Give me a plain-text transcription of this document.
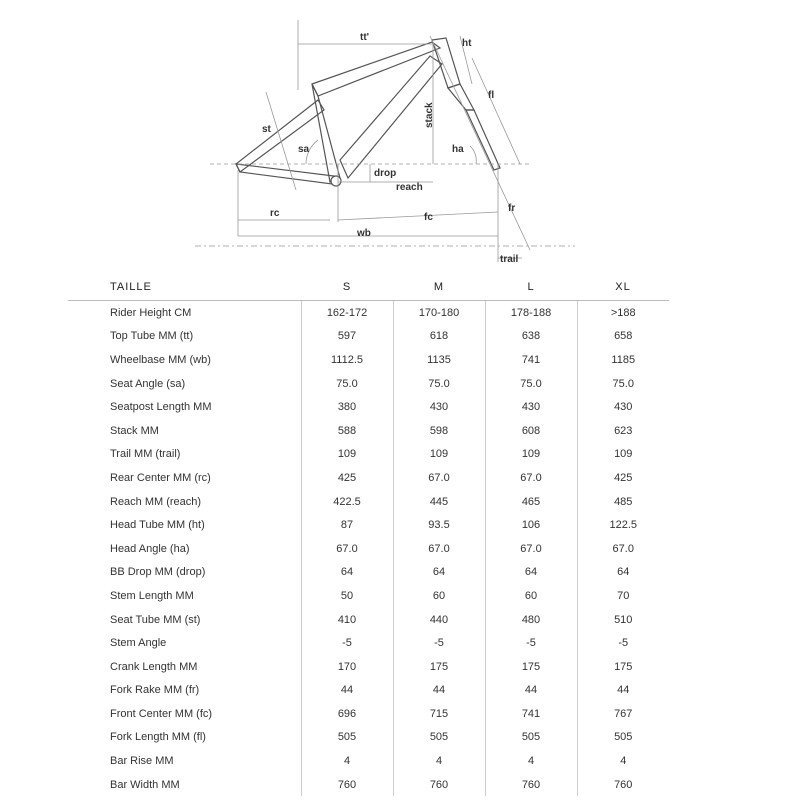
tt'
ht
fl
stack
st
sa	ha
drop
reach
rc	fc
fr
wb
trail
TAILLE	S	M	L	XL
Rider Height CM	162-172	170-180	178-188	>188
Top Tube MM (tt)	597	618	638	658
Wheelbase MM (wb)	1112.5	1135	741	1185
Seat Angle (sa)	75.0	75.0	75.0	75.0
Seatpost Length MM	380	430	430	430
Stack MM	588	598	608	623
Trail MM (trail)	109	109	109	109
Rear Center MM (rc)	425	67.0	67.0	425
Reach MM (reach)	422.5	445	465	485
Head Tube MM (ht)	87	93.5	106	122.5
Head Angle (ha)	67.0	67.0	67.0	67.0
BB Drop MM (drop)	64	64	64	64
Stem Length MM	50	60	60	70
Seat Tube MM (st)	410	440	480	510
Stem Angle	-5	-5	-5	-5
Crank Length MM	170	175	175	175
Fork Rake MM (fr)	44	44	44	44
Front Center MM (fc)	696	715	741	767
Fork Length MM (fl)	505	505	505	505
Bar Rise MM	4	4	4	4
Bar Width MM	760	760	760	760
